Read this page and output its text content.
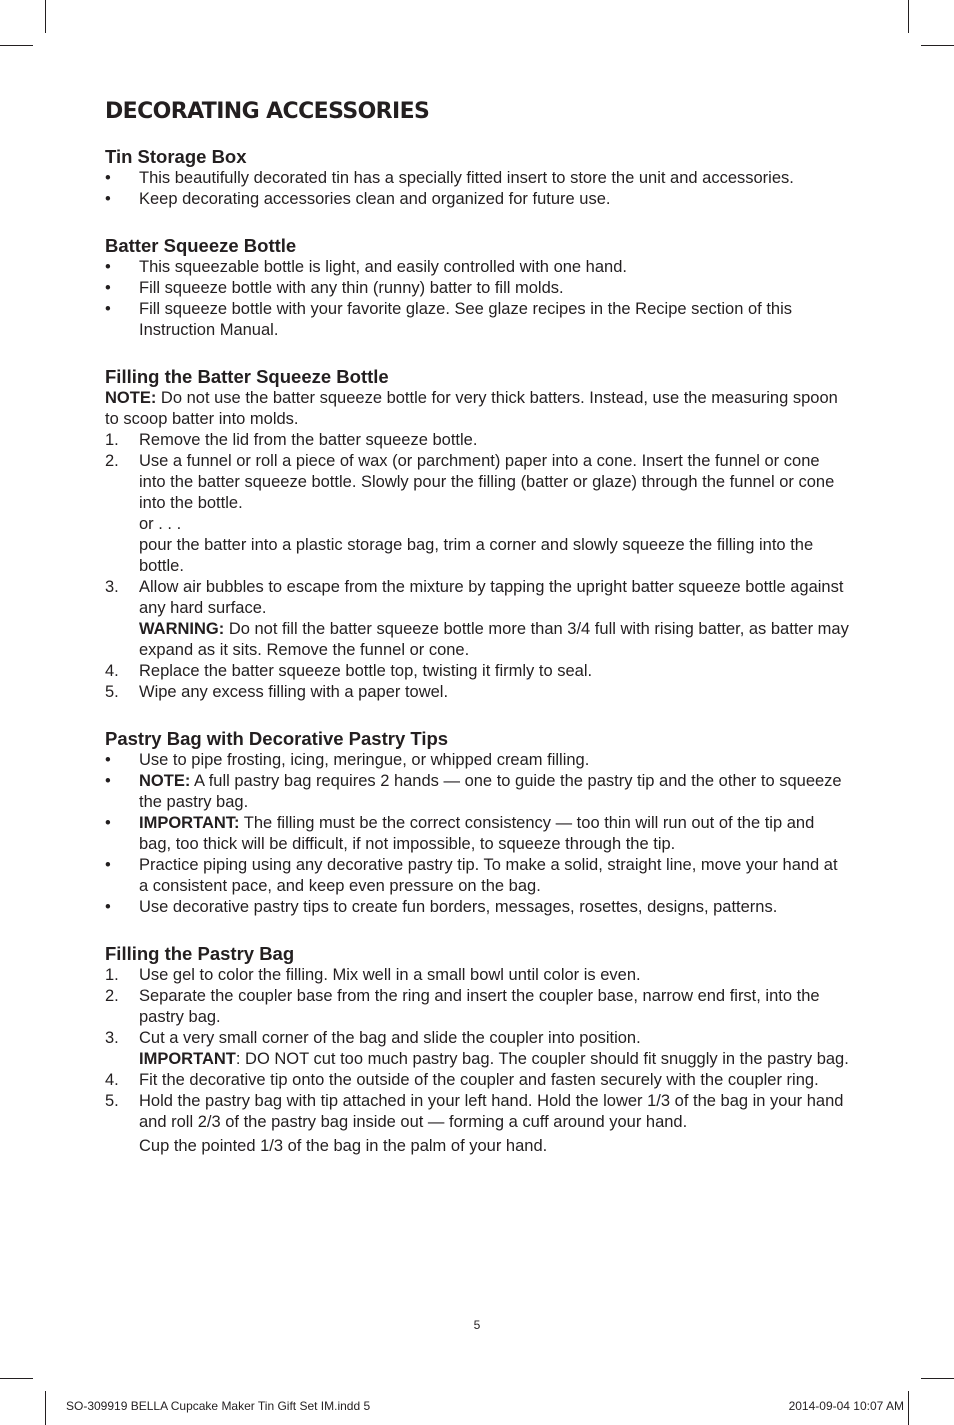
DECORATING ACCESSORIES
Tin Storage Box
• This beautifully decorated tin has a specially fitted insert to store the unit and accessories.
• Keep decorating accessories clean and organized for future use.
Batter Squeeze Bottle
• This squeezable bottle is light, and easily controlled with one hand.
• Fill squeeze bottle with any thin (runny) batter to fill molds.
• Fill squeeze bottle with your favorite glaze. See glaze recipes in the Recipe section of this Instruction Manual.
Filling the Batter Squeeze Bottle

NOTE: Do not use the batter squeeze bottle for very thick batters. Instead, use the measuring spoon to scoop batter into molds.

1. Remove the lid from the batter squeeze bottle.
2. Use a funnel or roll a piece of wax (or parchment) paper into a cone. Insert the funnel or cone into the batter squeeze bottle. Slowly pour the filling (batter or glaze) through the funnel or cone into the bottle.
or . . .
pour the batter into a plastic storage bag, trim a corner and slowly squeeze the filling into the bottle.
3. Allow air bubbles to escape from the mixture by tapping the upright batter squeeze bottle against any hard surface.
WARNING: Do not fill the batter squeeze bottle more than 3/4 full with rising batter, as batter may expand as it sits. Remove the funnel or cone.
4. Replace the batter squeeze bottle top, twisting it firmly to seal.
5. Wipe any excess filling with a paper towel.
Pastry Bag with Decorative Pastry Tips
• Use to pipe frosting, icing, meringue, or whipped cream filling.
• NOTE: A full pastry bag requires 2 hands — one to guide the pastry tip and the other to squeeze the pastry bag.
• IMPORTANT: The filling must be the correct consistency — too thin will run out of the tip and bag, too thick will be difficult, if not impossible, to squeeze through the tip.
• Practice piping using any decorative pastry tip. To make a solid, straight line, move your hand at a consistent pace, and keep even pressure on the bag.
• Use decorative pastry tips to create fun borders, messages, rosettes, designs, patterns.
Filling the Pastry Bag
1. Use gel to color the filling. Mix well in a small bowl until color is even.
2. Separate the coupler base from the ring and insert the coupler base, narrow end first, into the pastry bag.
3. Cut a very small corner of the bag and slide the coupler into position.
IMPORTANT: DO NOT cut too much pastry bag. The coupler should fit snuggly in the pastry bag.
4. Fit the decorative tip onto the outside of the coupler and fasten securely with the coupler ring.
5. Hold the pastry bag with tip attached in your left hand. Hold the lower 1/3 of the bag in your hand and roll 2/3 of the pastry bag inside out — forming a cuff around your hand.
Cup the pointed 1/3 of the bag in the palm of your hand.
5
SO-309919 BELLA Cupcake Maker Tin Gift Set IM.indd 5	2014-09-04 10:07 AM
